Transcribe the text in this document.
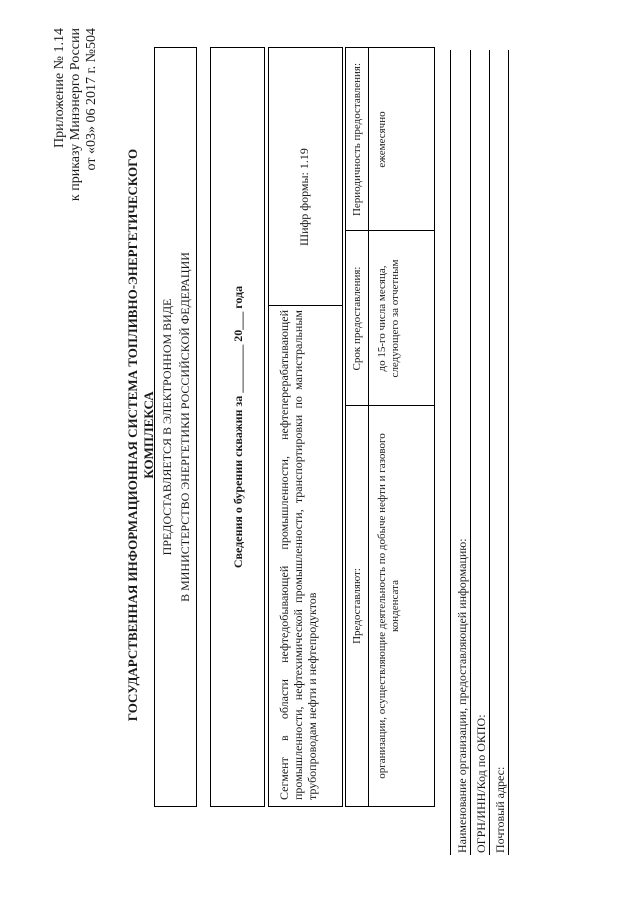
Приложение № 1.14 к приказу Минэнерго России от «03» 06 2017 г. №504
ГОСУДАРСТВЕННАЯ ИНФОРМАЦИОННАЯ СИСТЕМА ТОПЛИВНО-ЭНЕРГЕТИЧЕСКОГО КОМПЛЕКСА ПРЕДОСТАВЛЯЕТСЯ В ЭЛЕКТРОННОМ ВИДЕ В МИНИСТЕРСТВО ЭНЕРГЕТИКИ РОССИЙСКОЙ ФЕДЕРАЦИИ	Сведения о бурении скважин за ________ 20___ года	Сегмент в области нефтедобывающей промышленности, нефтеперерабатывающей промышленности, нефтехимической промышленности, транспортировки по магистральным трубопроводам нефти и нефтепродуктов
Шифр формы: 1.19
Предоставляют:
Срок предоставления:
Периодичность предоставления:
организации, осуществляющие деятельность по добыче нефти и газового конденсата
до 15-го числа месяца, следующего за отчетным
ежемесячно
Наименование организации, предоставляющей информацию: ОГРН/ИНН/Код по ОКПО: Почтовый адрес:
